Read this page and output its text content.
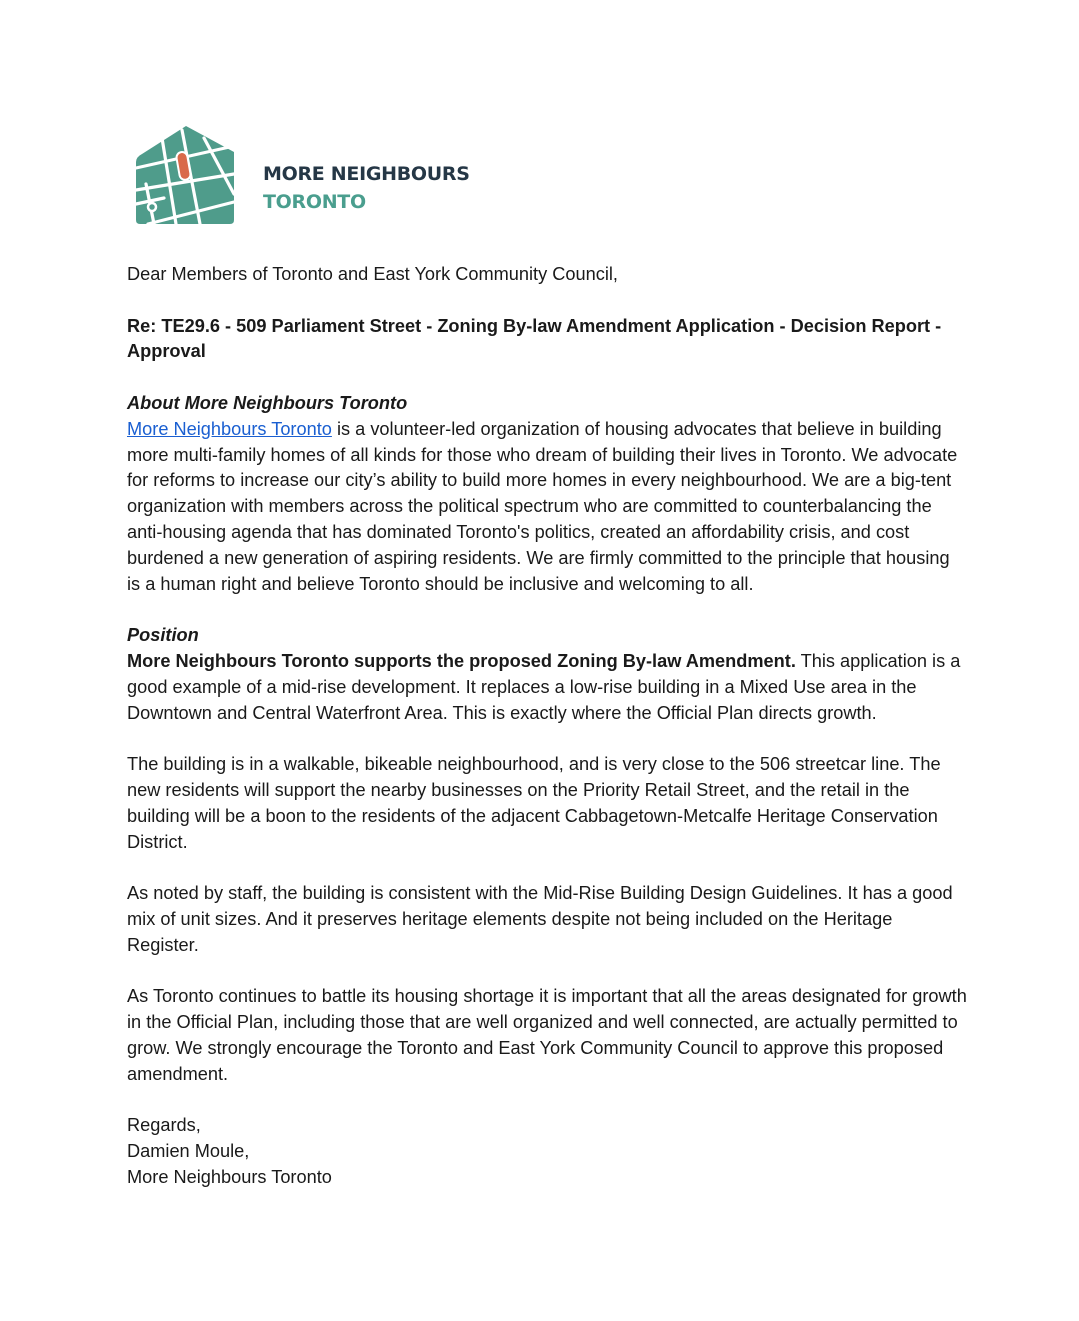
MORE NEIGHBOURS
TORONTO

Dear Members of Toronto and East York Community Council,

Re: TE29.6 - 509 Parliament Street - Zoning By-law Amendment Application - Decision Report - Approval

About More Neighbours Toronto
More Neighbours Toronto is a volunteer-led organization of housing advocates that believe in building more multi-family homes of all kinds for those who dream of building their lives in Toronto. We advocate for reforms to increase our city’s ability to build more homes in every neighbourhood. We are a big-tent organization with members across the political spectrum who are committed to counterbalancing the anti-housing agenda that has dominated Toronto's politics, created an affordability crisis, and cost burdened a new generation of aspiring residents. We are firmly committed to the principle that housing is a human right and believe Toronto should be inclusive and welcoming to all.

Position
More Neighbours Toronto supports the proposed Zoning By-law Amendment. This application is a good example of a mid-rise development. It replaces a low-rise building in a Mixed Use area in the Downtown and Central Waterfront Area. This is exactly where the Official Plan directs growth.

The building is in a walkable, bikeable neighbourhood, and is very close to the 506 streetcar line. The new residents will support the nearby businesses on the Priority Retail Street, and the retail in the building will be a boon to the residents of the adjacent Cabbagetown-Metcalfe Heritage Conservation District.

As noted by staff, the building is consistent with the Mid-Rise Building Design Guidelines. It has a good mix of unit sizes. And it preserves heritage elements despite not being included on the Heritage Register.

As Toronto continues to battle its housing shortage it is important that all the areas designated for growth in the Official Plan, including those that are well organized and well connected, are actually permitted to grow. We strongly encourage the Toronto and East York Community Council to approve this proposed amendment.

Regards,
Damien Moule,
More Neighbours Toronto
